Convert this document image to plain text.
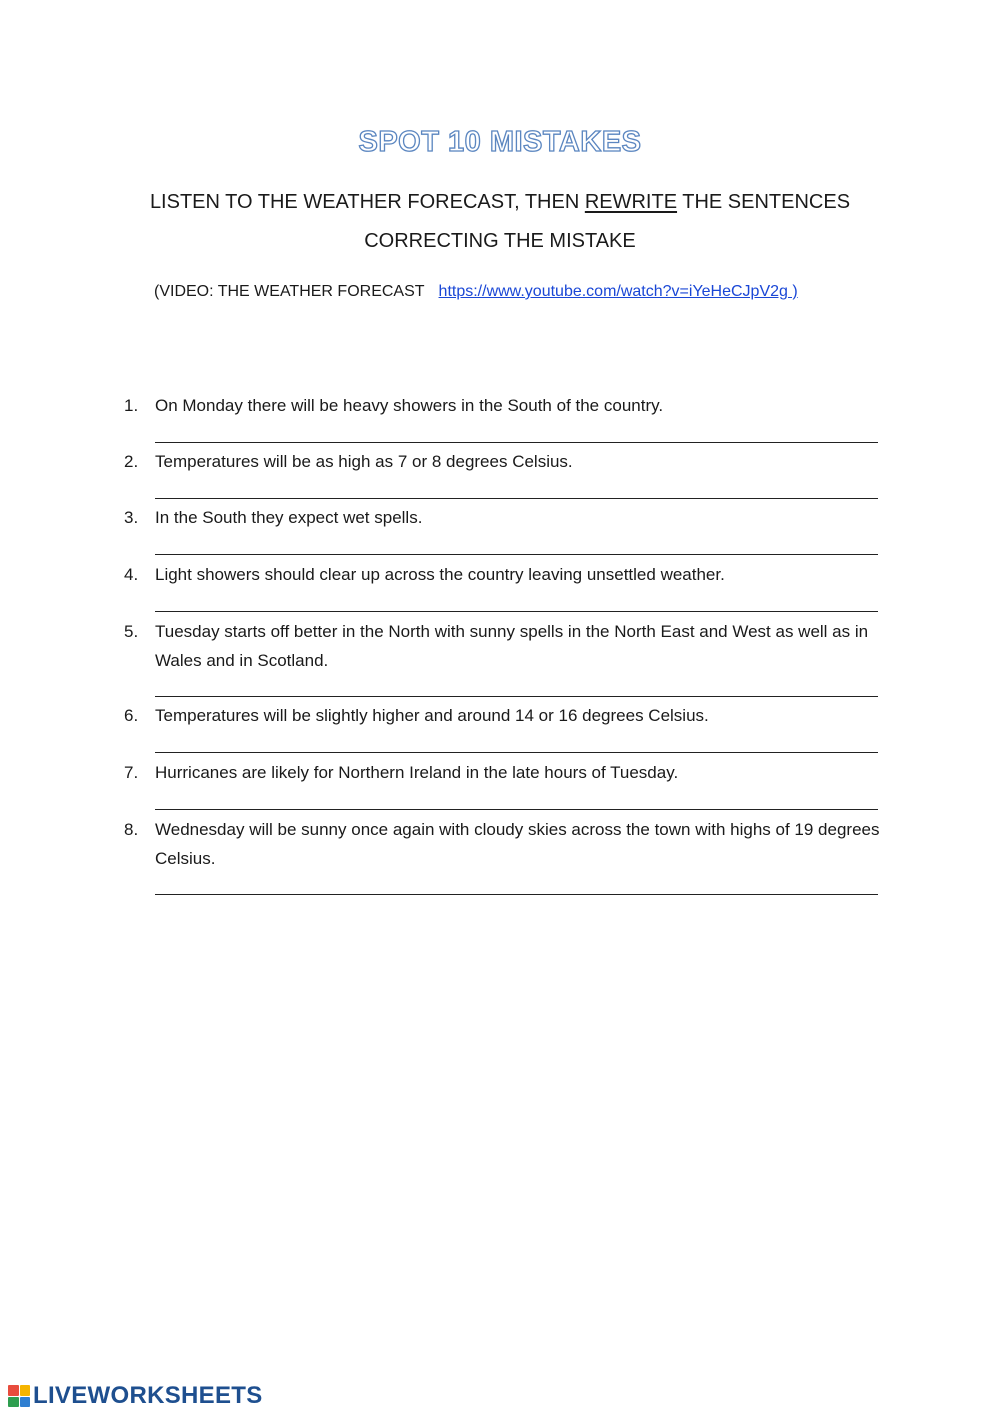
SPOT 10 MISTAKES
LISTEN TO THE WEATHER FORECAST, THEN REWRITE THE SENTENCES
CORRECTING THE MISTAKE
(VIDEO: THE WEATHER FORECAST https://www.youtube.com/watch?v=iYeHeCJpV2g )
1. On Monday there will be heavy showers in the South of the country.
2. Temperatures will be as high as 7 or 8 degrees Celsius.
3. In the South they expect wet spells.
4. Light showers should clear up across the country leaving unsettled weather.
5. Tuesday starts off better in the North with sunny spells in the North East and West as well as in Wales and in Scotland.
6. Temperatures will be slightly higher and around 14 or 16 degrees Celsius.
7. Hurricanes are likely for Northern Ireland in the late hours of Tuesday.
8. Wednesday will be sunny once again with cloudy skies across the town with highs of 19 degrees Celsius.
LIVEWORKSHEETS
